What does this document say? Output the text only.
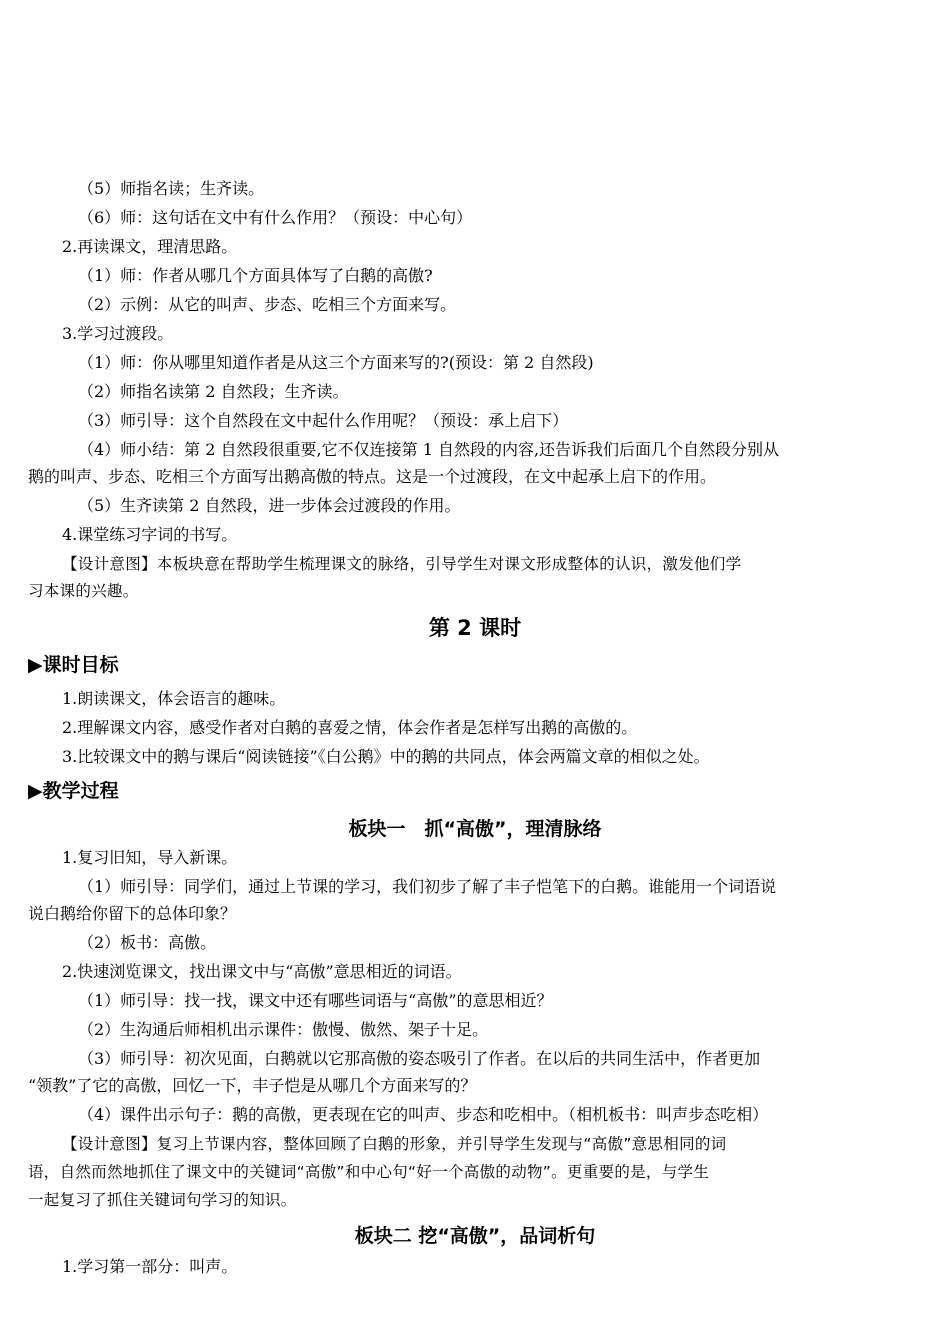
（5）师指名读；生齐读。
（6）师：这句话在文中有什么作用？（预设：中心句）
2.再读课文，理清思路。
（1）师：作者从哪几个方面具体写了白鹅的高傲?
（2）示例：从它的叫声、步态、吃相三个方面来写。
3.学习过渡段。
（1）师：你从哪里知道作者是从这三个方面来写的?(预设：第 2 自然段)
（2）师指名读第 2 自然段；生齐读。
（3）师引导：这个自然段在文中起什么作用呢？（预设：承上启下）
（4）师小结：第 2 自然段很重要,它不仅连接第 1 自然段的内容,还告诉我们后面几个自然段分别从
鹅的叫声、步态、吃相三个方面写出鹅高傲的特点。这是一个过渡段，在文中起承上启下的作用。
（5）生齐读第 2 自然段，进一步体会过渡段的作用。
4.课堂练习字词的书写。
【设计意图】本板块意在帮助学生梳理课文的脉络，引导学生对课文形成整体的认识，激发他们学
习本课的兴趣。
第 2 课时
▶课时目标
1.朗读课文，体会语言的趣味。
2.理解课文内容，感受作者对白鹅的喜爱之情，体会作者是怎样写出鹅的高傲的。
3.比较课文中的鹅与课后“阅读链接”《白公鹅》中的鹅的共同点，体会两篇文章的相似之处。
▶教学过程
板块一　抓“高傲”，理清脉络
1.复习旧知，导入新课。
（1）师引导：同学们，通过上节课的学习，我们初步了解了丰子恺笔下的白鹅。谁能用一个词语说
说白鹅给你留下的总体印象？
（2）板书：高傲。
2.快速浏览课文，找出课文中与“高傲”意思相近的词语。
（1）师引导：找一找，课文中还有哪些词语与“高傲”的意思相近？
（2）生沟通后师相机出示课件：傲慢、傲然、架子十足。
（3）师引导：初次见面，白鹅就以它那高傲的姿态吸引了作者。在以后的共同生活中，作者更加
“领教”了它的高傲，回忆一下，丰子恺是从哪几个方面来写的？
（4）课件出示句子：鹅的高傲，更表现在它的叫声、步态和吃相中。（相机板书：叫声步态吃相）
【设计意图】复习上节课内容，整体回顾了白鹅的形象，并引导学生发现与“高傲”意思相同的词
语，自然而然地抓住了课文中的关键词“高傲”和中心句“好一个高傲的动物”。更重要的是，与学生
一起复习了抓住关键词句学习的知识。
板块二 挖“高傲”，品词析句
1.学习第一部分：叫声。
